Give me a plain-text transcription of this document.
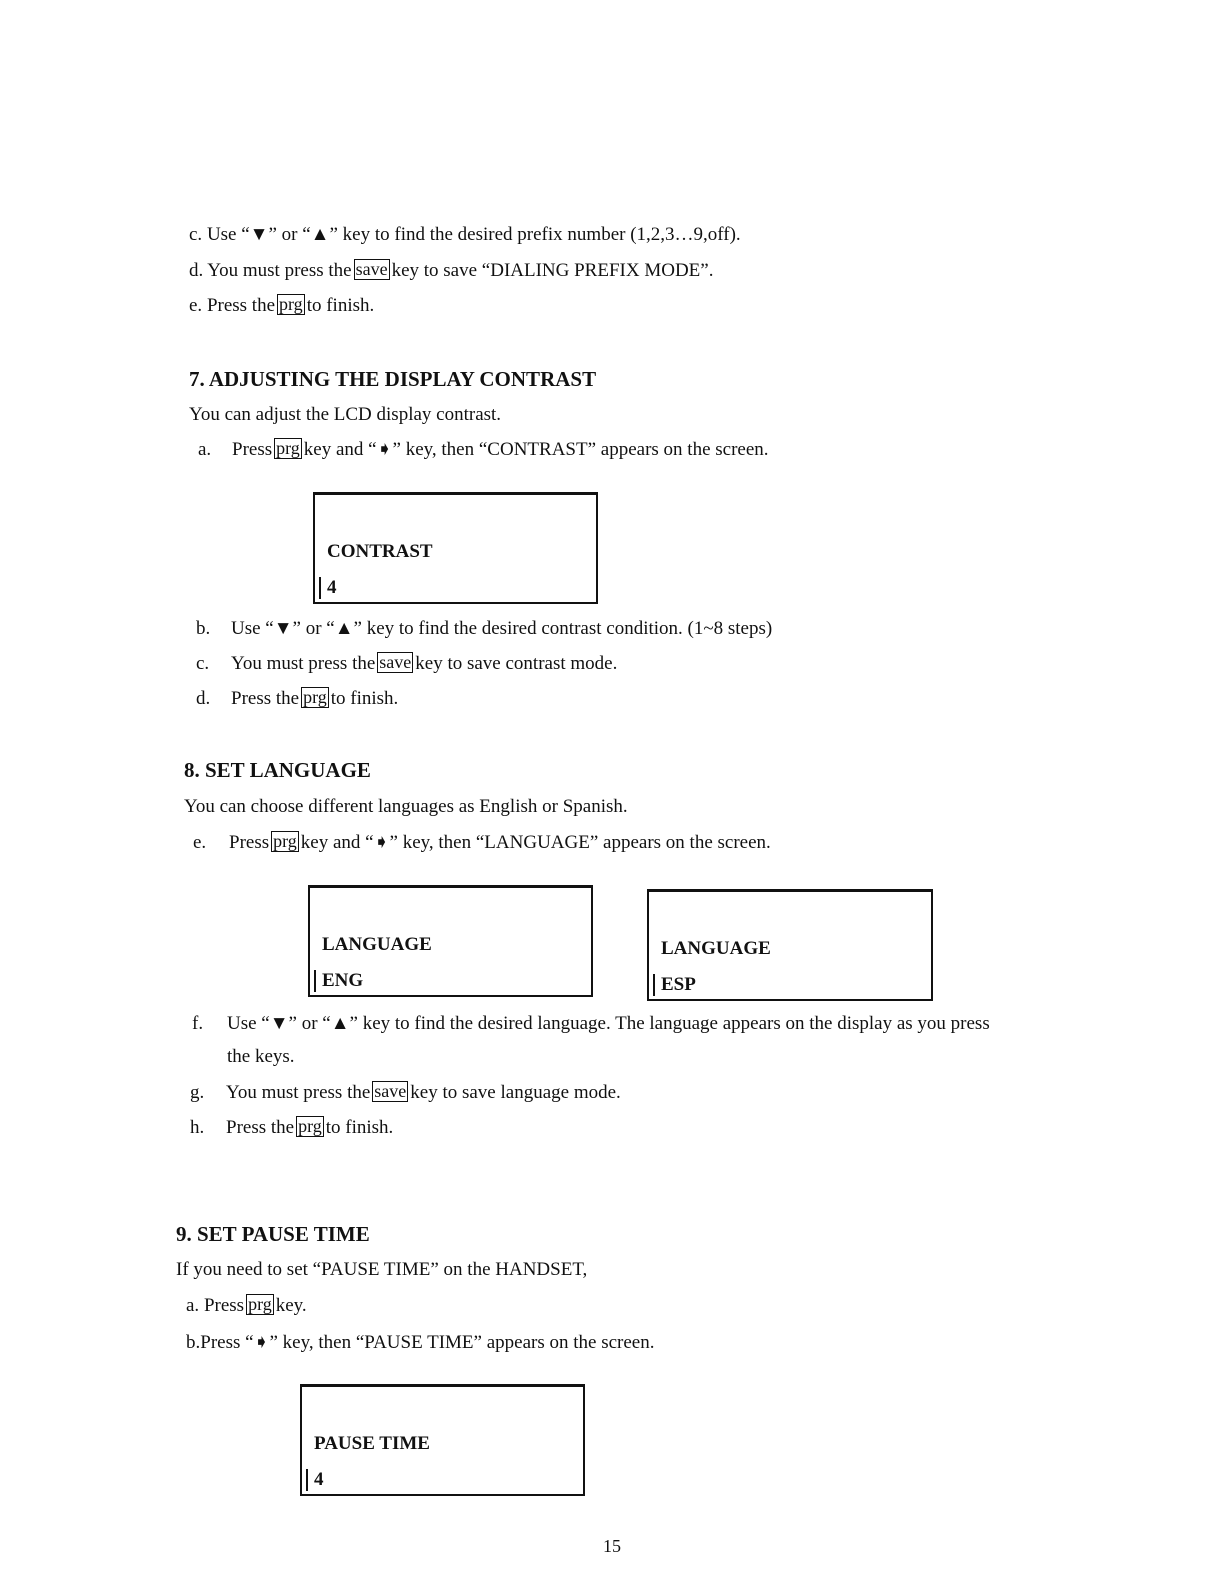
c. Use “▼” or “▲” key to find the desired prefix number (1,2,3…9,off).
d. You must press the save key to save “DIALING PREFIX MODE”.
e. Press the prg to finish.
7. ADJUSTING THE DISPLAY CONTRAST
You can adjust the LCD display contrast.
a. Press prg key and “➧” key, then “CONTRAST” appears on the screen.
CONTRAST
4
b. Use “▼” or “▲” key to find the desired contrast condition. (1~8 steps)
c. You must press the save key to save contrast mode.
d. Press the prg to finish.
8. SET LANGUAGE
You can choose different languages as English or Spanish.
e. Press prg key and “➧” key, then “LANGUAGE” appears on the screen.
LANGUAGE
ENG
LANGUAGE
ESP
f. Use “▼” or “▲” key to find the desired language. The language appears on the display as you press
the keys.
g. You must press the save key to save language mode.
h. Press the prg to finish.
9. SET PAUSE TIME
If you need to set “PAUSE TIME” on the HANDSET,
a. Press prg key.
b.Press “➧” key, then “PAUSE TIME” appears on the screen.
PAUSE TIME
4
15
